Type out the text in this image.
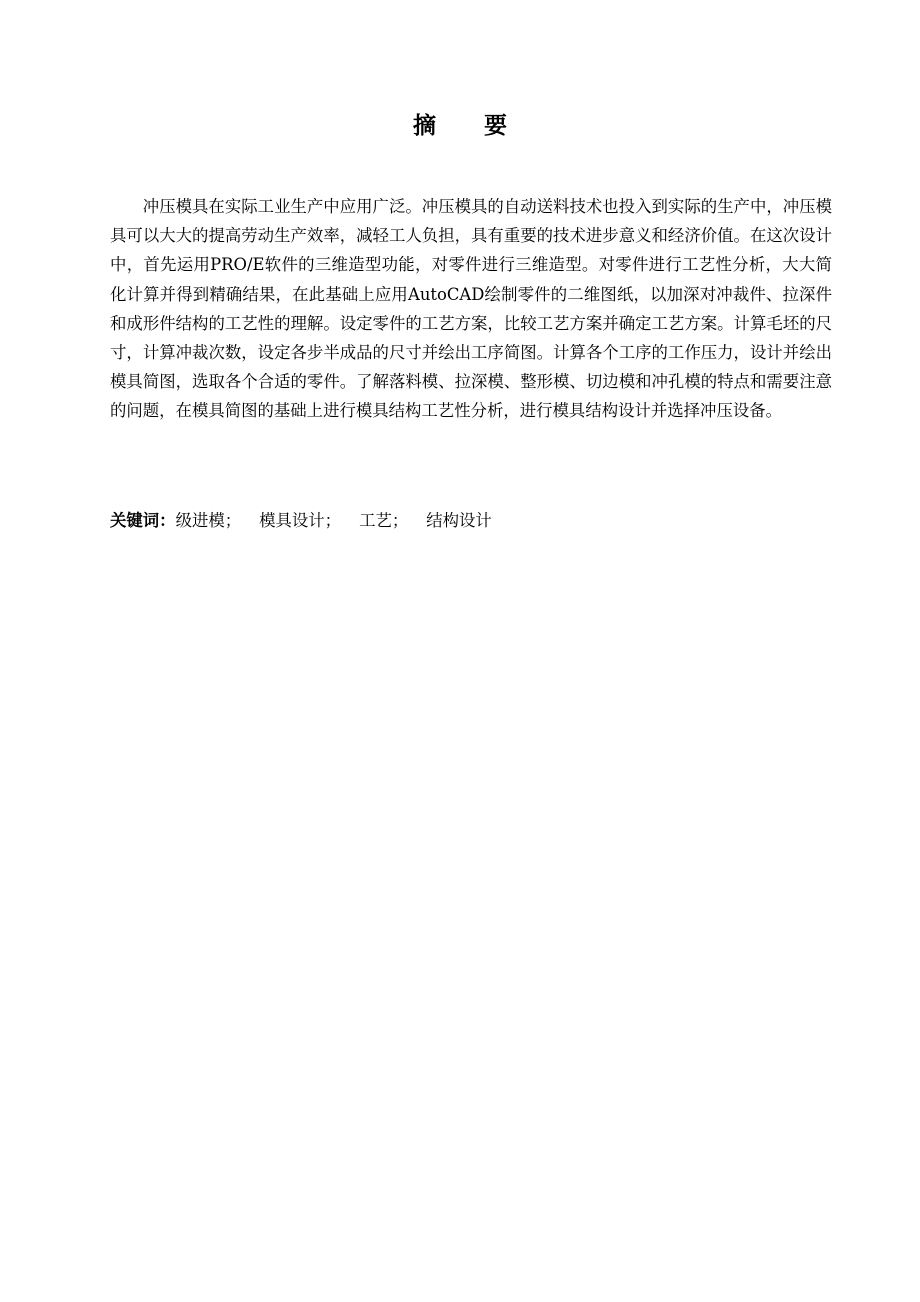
摘 要

冲压模具在实际工业生产中应用广泛。冲压模具的自动送料技术也投入到实际的生产中，冲压模具可以大大的提高劳动生产效率，减轻工人负担，具有重要的技术进步意义和经济价值。在这次设计中，首先运用PRO/E软件的三维造型功能，对零件进行三维造型。对零件进行工艺性分析，大大简化计算并得到精确结果，在此基础上应用AutoCAD绘制零件的二维图纸，以加深对冲裁件、拉深件和成形件结构的工艺性的理解。设定零件的工艺方案，比较工艺方案并确定工艺方案。计算毛坯的尺寸，计算冲裁次数，设定各步半成品的尺寸并绘出工序简图。计算各个工序的工作压力，设计并绘出模具简图，选取各个合适的零件。了解落料模、拉深模、整形模、切边模和冲孔模的特点和需要注意的问题，在模具简图的基础上进行模具结构工艺性分析，进行模具结构设计并选择冲压设备。

关键词：级进模； 模具设计； 工艺； 结构设计
